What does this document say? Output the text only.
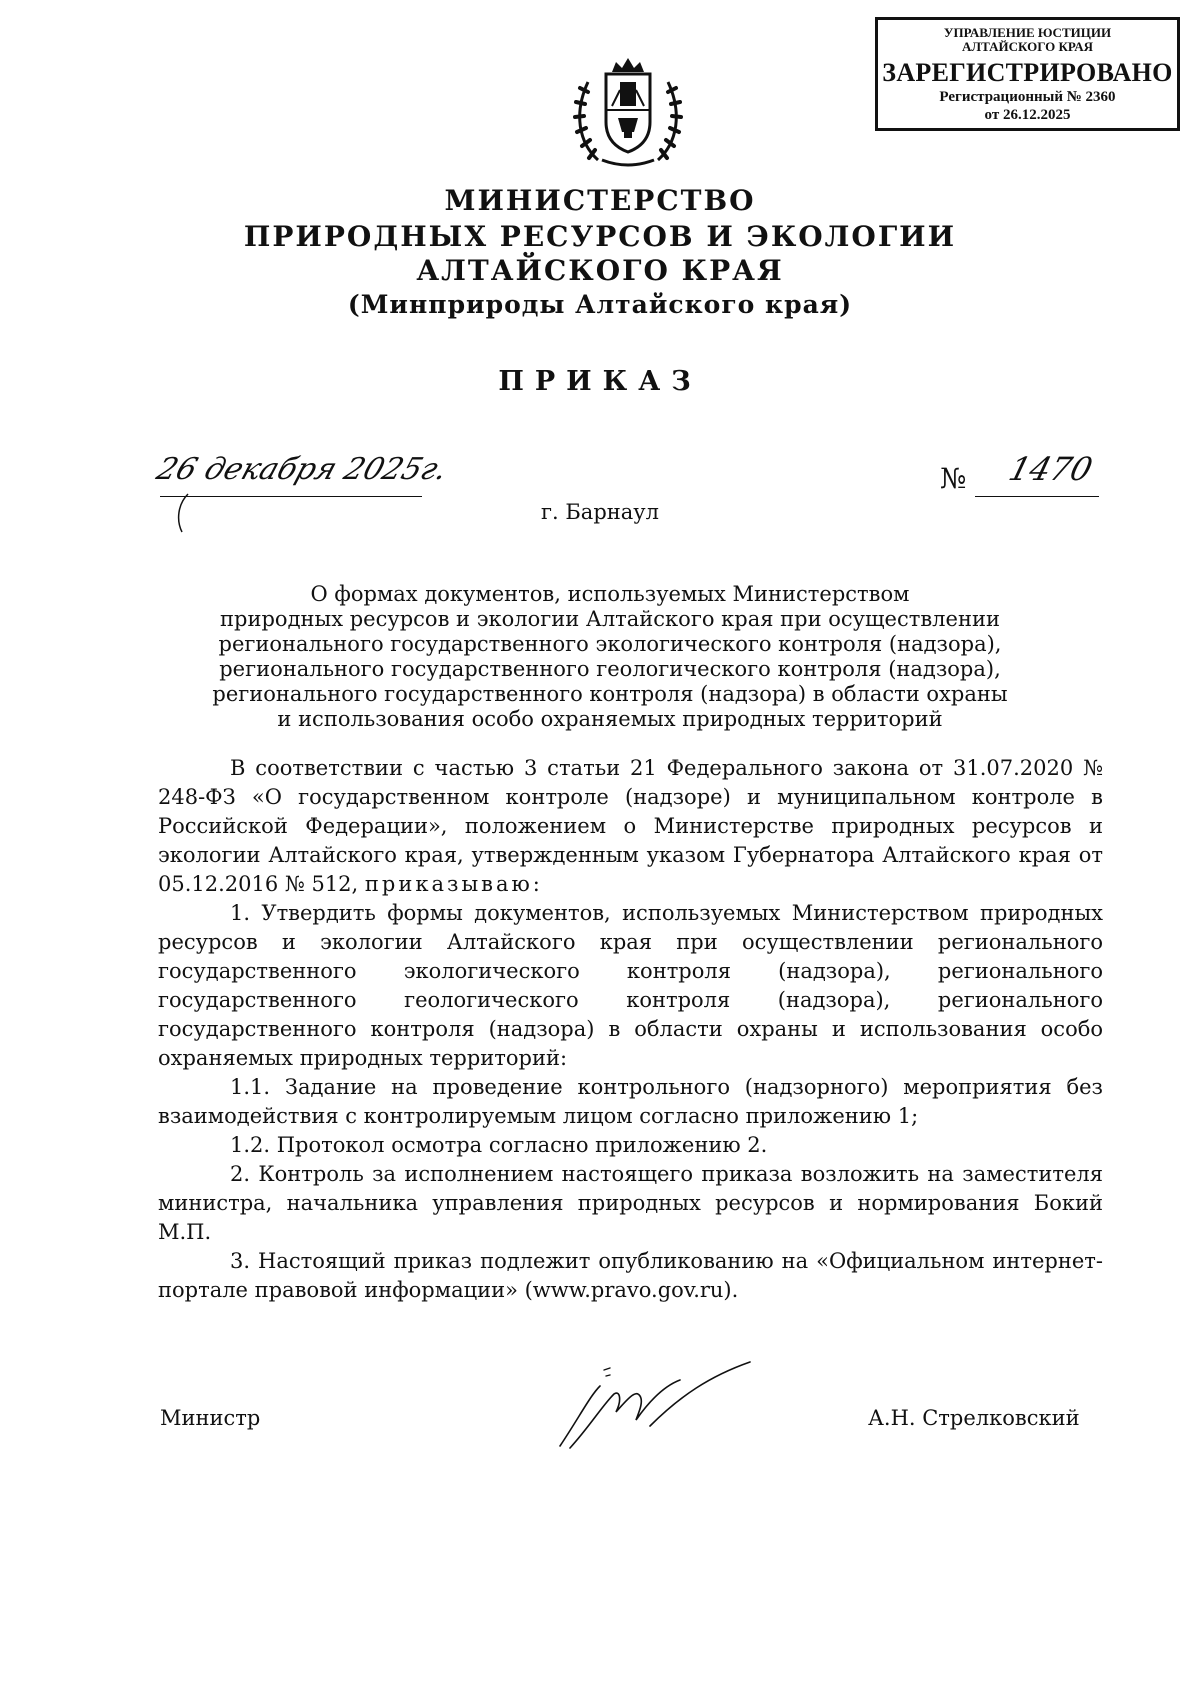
УПРАВЛЕНИЕ ЮСТИЦИИ
АЛТАЙСКОГО КРАЯ
ЗАРЕГИСТРИРОВАНО
Регистрационный № 2360
от 26.12.2025
МИНИСТЕРСТВО
ПРИРОДНЫХ РЕСУРСОВ И ЭКОЛОГИИ
АЛТАЙСКОГО КРАЯ
(Минприроды Алтайского края)
ПРИКАЗ
26 декабря 2025г.	№ 1470
г. Барнаул
О формах документов, используемых Министерством
природных ресурсов и экологии Алтайского края при осуществлении
регионального государственного экологического контроля (надзора),
регионального государственного геологического контроля (надзора),
регионального государственного контроля (надзора) в области охраны
и использования особо охраняемых природных территорий

В соответствии с частью 3 статьи 21 Федерального закона от 31.07.2020 № 248-ФЗ «О государственном контроле (надзоре) и муниципальном контроле в Российской Федерации», положением о Министерстве природных ресурсов и экологии Алтайского края, утвержденным указом Губернатора Алтайского края от 05.12.2016 № 512, приказываю:

1. Утвердить формы документов, используемых Министерством природных ресурсов и экологии Алтайского края при осуществлении регионального государственного экологического контроля (надзора), регионального государственного геологического контроля (надзора), регионального государственного контроля (надзора) в области охраны и использования особо охраняемых природных территорий:

1.1. Задание на проведение контрольного (надзорного) мероприятия без взаимодействия с контролируемым лицом согласно приложению 1;

1.2. Протокол осмотра согласно приложению 2.

2. Контроль за исполнением настоящего приказа возложить на заместителя министра, начальника управления природных ресурсов и нормирования Бокий М.П.

3. Настоящий приказ подлежит опубликованию на «Официальном интернет-портале правовой информации» (www.pravo.gov.ru).

Министр	А.Н. Стрелковский
